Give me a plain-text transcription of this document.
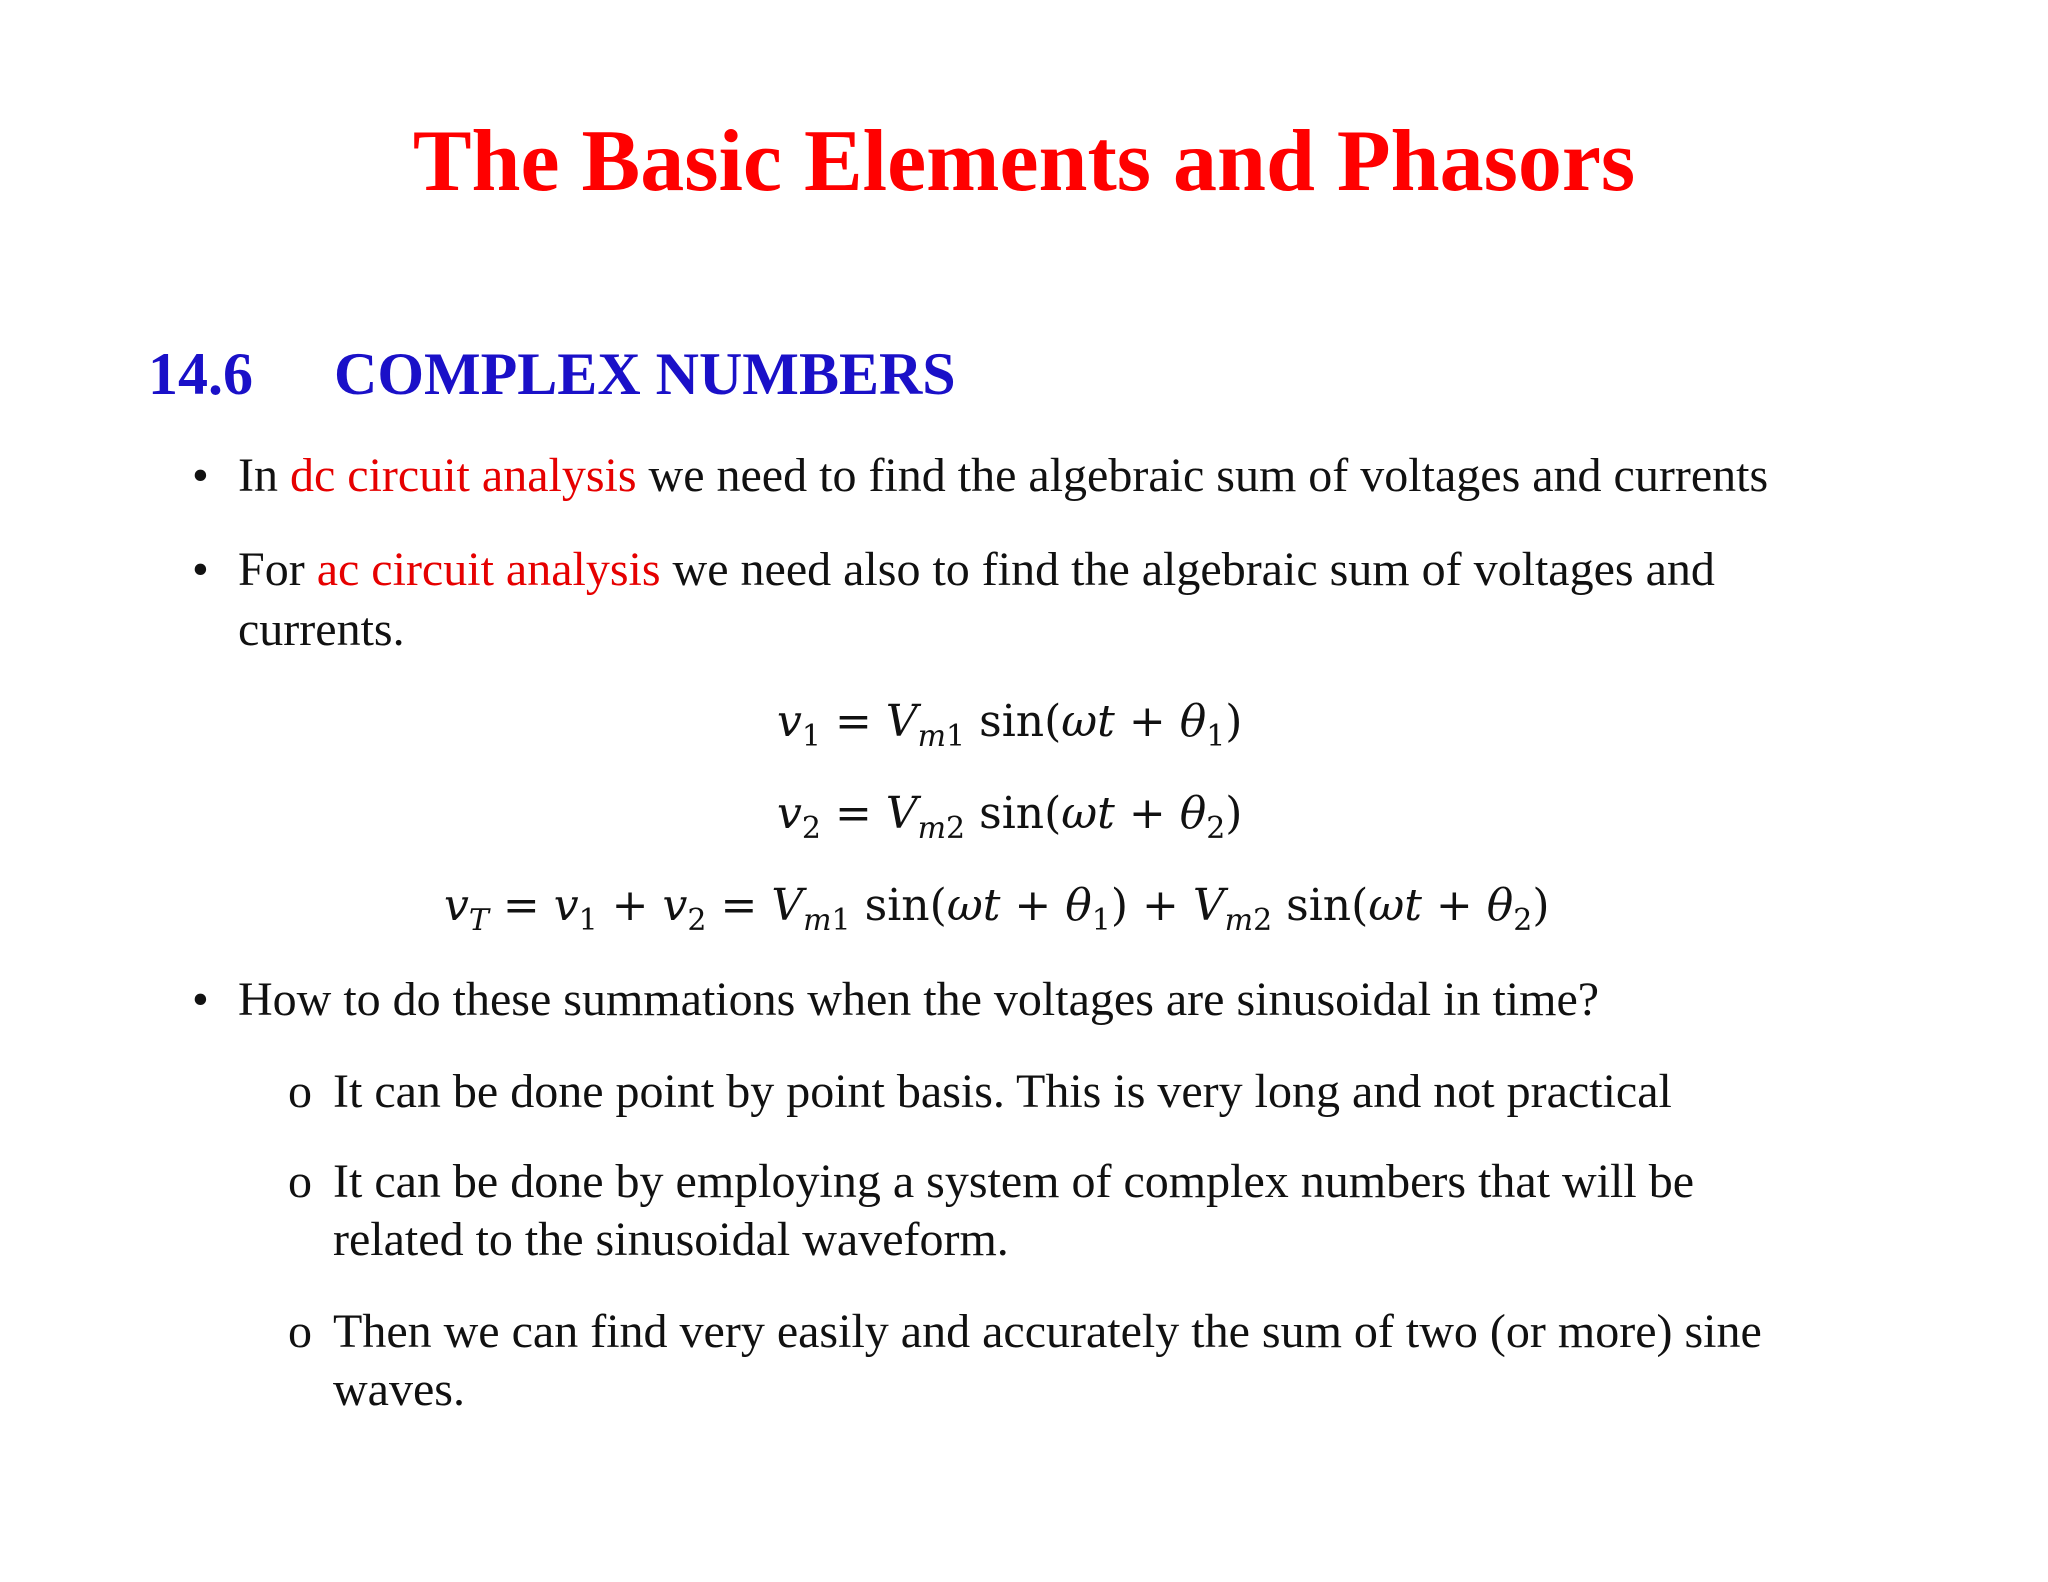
The Basic Elements and Phasors
14.6 COMPLEX NUMBERS
• In dc circuit analysis we need to find the algebraic sum of voltages and currents
• For ac circuit analysis we need also to find the algebraic sum of voltages and
currents.
$v_1 = V_{m1}$ $\sin(\omega t + \theta_1)$
$v_2 = V_{m2}$ $\sin(\omega t + \theta_2)$
$v_T = v_1 + v_2 = V_{m1}$ $\sin(\omega t + \theta_1) + V_{m2}$ $\sin(\omega t + \theta_2)$
• How to do these summations when the voltages are sinusoidal in time?
o It can be done point by point basis. This is very long and not practical
o It can be done by employing a system of complex numbers that will be
related to the sinusoidal waveform.
o Then we can find very easily and accurately the sum of two (or more) sine
waves.
